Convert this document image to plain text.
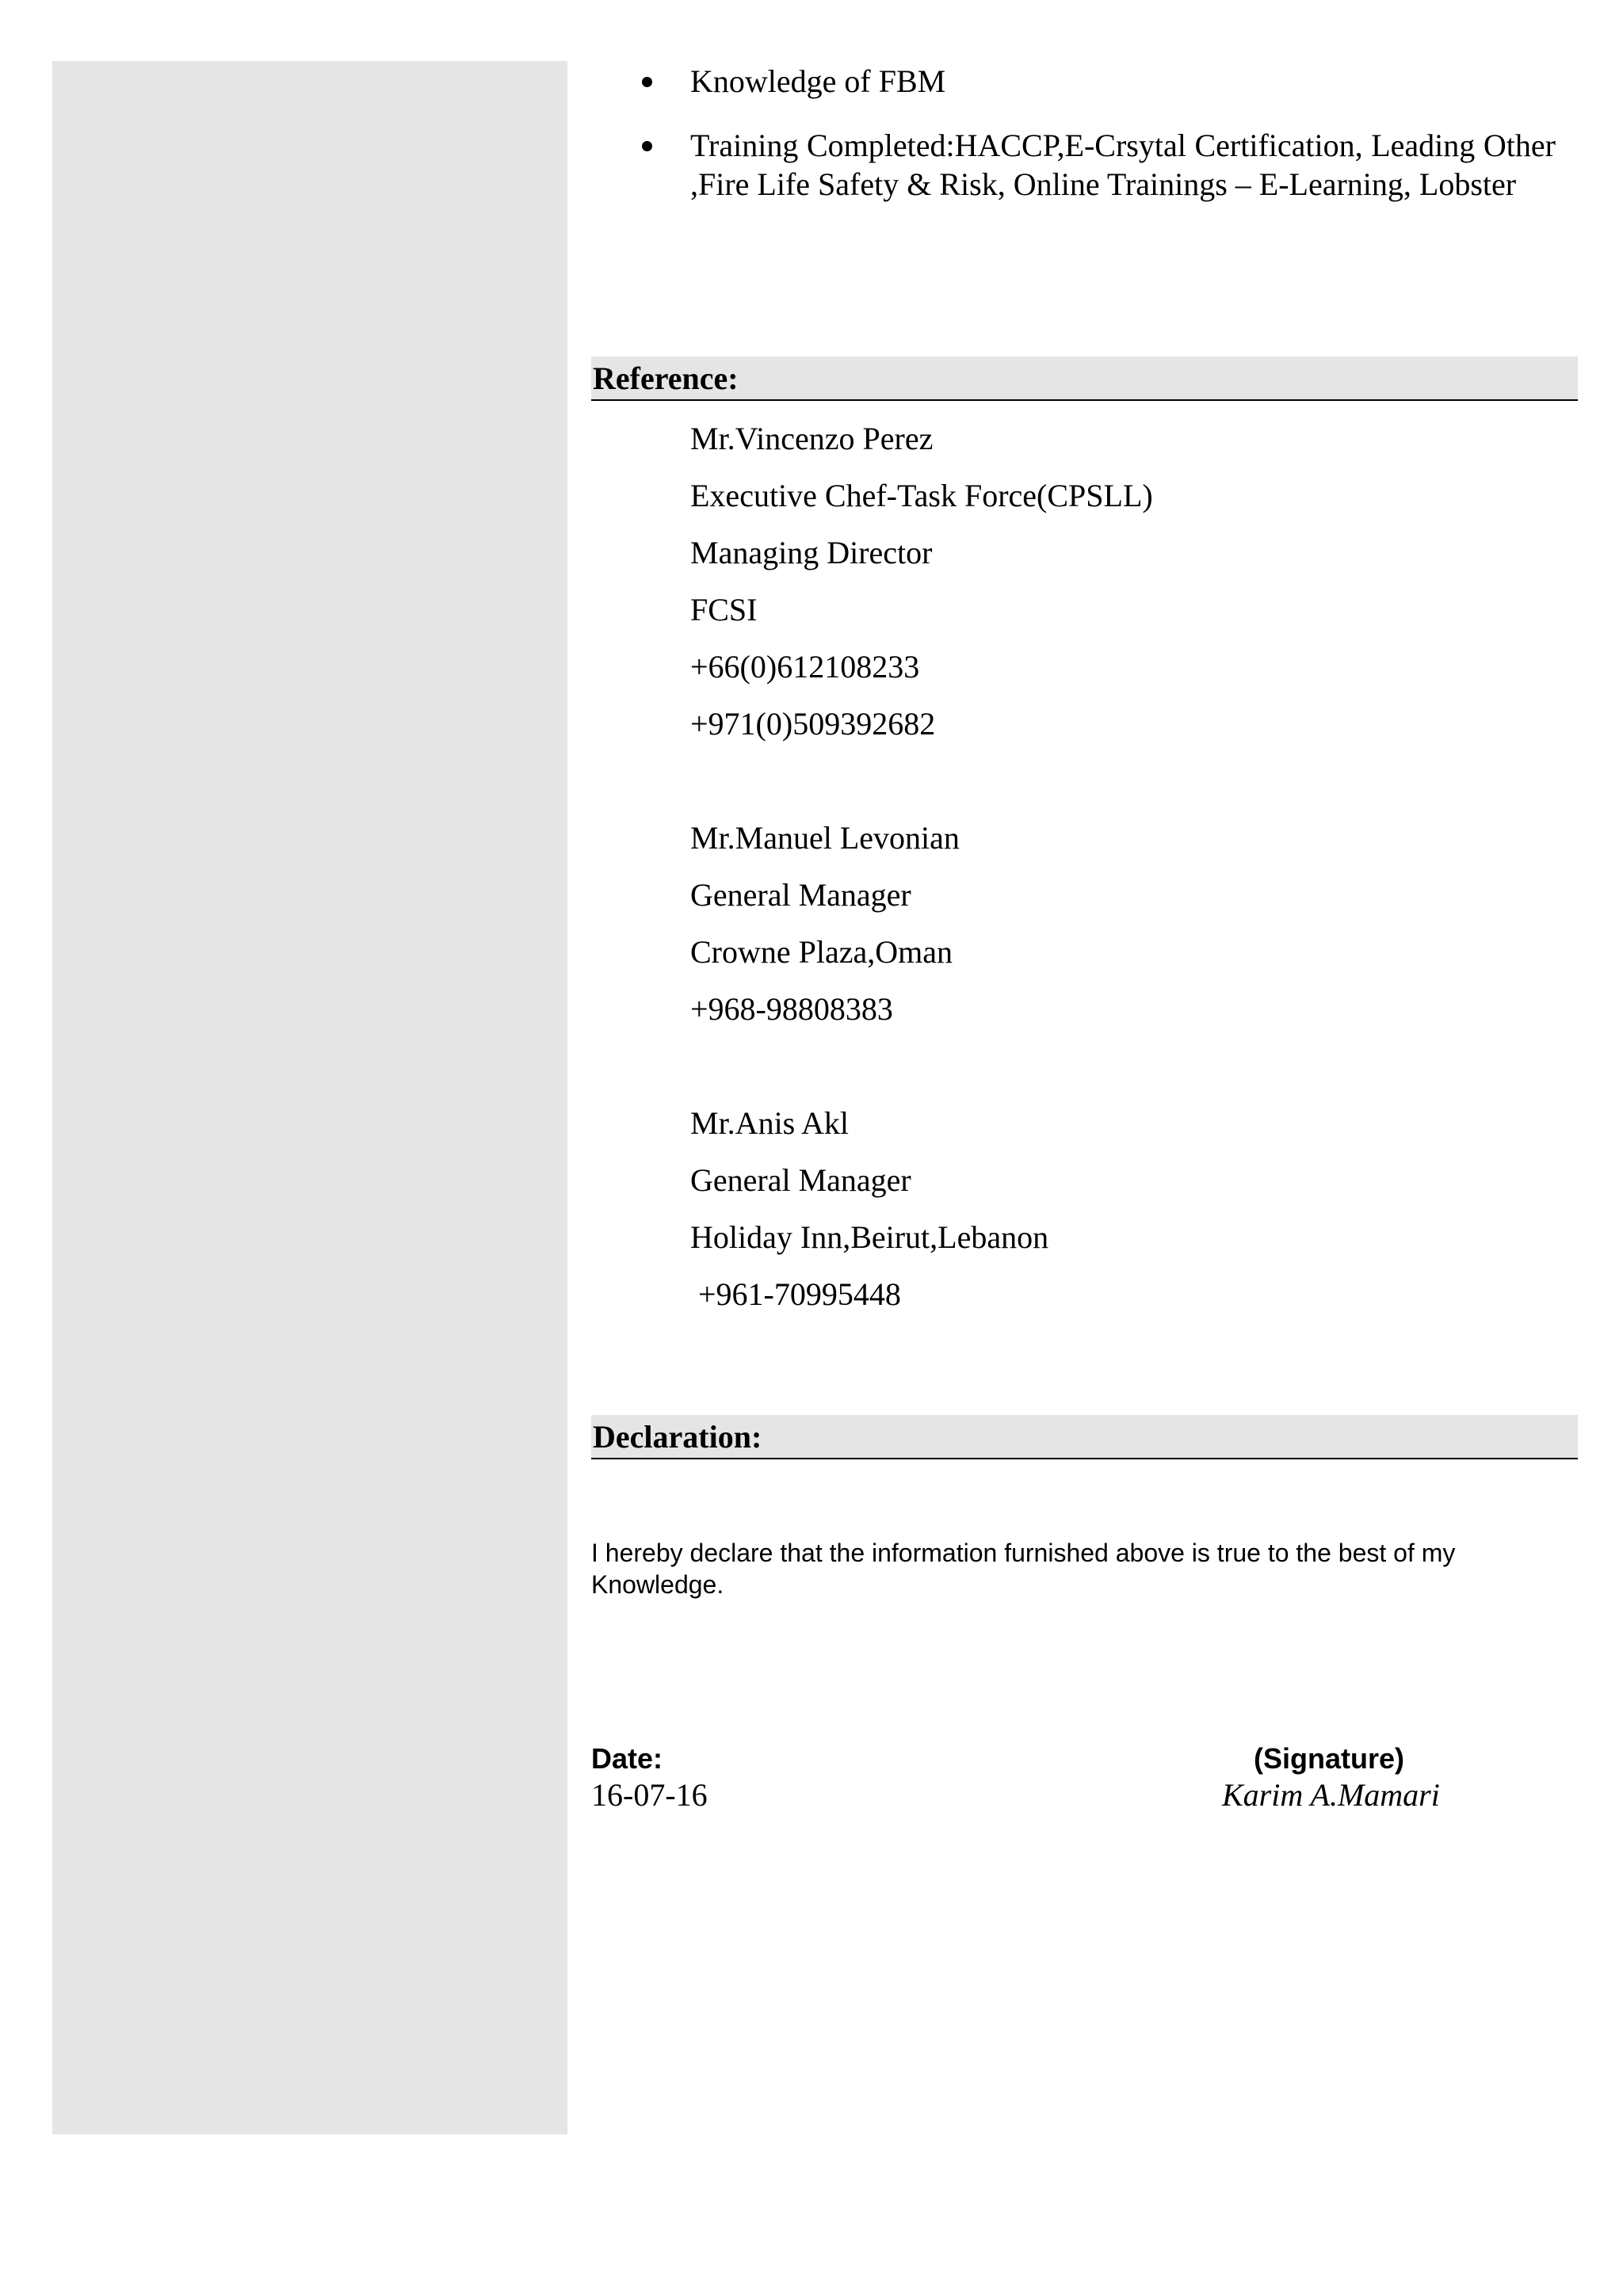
Knowledge of FBM
Training Completed:HACCP,E-Crsytal Certification, Leading Other ,Fire Life Safety & Risk, Online Trainings – E-Learning, Lobster
Reference:
Mr.Vincenzo Perez
Executive Chef-Task Force(CPSLL)
Managing Director
FCSI
+66(0)612108233
+971(0)509392682
Mr.Manuel Levonian
General Manager
Crowne Plaza,Oman
+968-98808383
Mr.Anis Akl
General Manager
Holiday Inn,Beirut,Lebanon
+961-70995448
Declaration:
I hereby declare that the information furnished above is true to the best of my Knowledge.
Date:
16-07-16
(Signature)
Karim A.Mamari
